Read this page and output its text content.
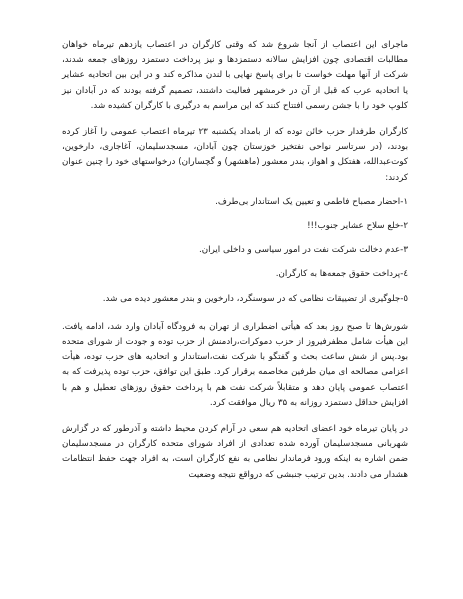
ماجرای این اعتصاب از آنجا شروع شد که وقتی کارگران در اعتصاب یازدهم تیرماه خواهان مطالبات اقتصادی چون افزایش سالانه دستمزدها و نیز پرداخت دستمزد روزهای جمعه شدند، شرکت از آنها مهلت خواست تا برای پاسخ نهایی با لندن مذاکره کند و در این بین اتحادیه عشایر یا اتحادیه عرب که قبل از آن در خرمشهر فعالیت داشتند، تصمیم گرفته بودند که در آبادان نیز کلوپ خود را با جشن رسمی افتتاح کنند که این مراسم به درگیری با کارگران کشیده شد.

کارگران طرفدار حزب خائن توده که از بامداد یکشنبه ۲۳ تیرماه اعتصاب عمومی را آغاز کرده بودند، (در سرتاسر نواحی نفتخیز خوزستان چون آبادان، مسجدسلیمان، آغاجاری، دارخوین، کوت‌عبدالله، هفتکل و اهواز، بندر معشور (ماهشهر) و گچساران) درخواستهای خود را چنین عنوان کردند:

۱-احضار مصباح فاطمی و تعیین یک استاندار بی‌طرف.

۲-خلع سلاح عشایر جنوب!!!

۳-عدم دخالت شرکت نفت در امور سیاسی و داخلی ایران.

٤-پرداخت حقوق جمعه‌ها به کارگران.

٥-جلوگیری از تضییقات نظامی که در سوسنگرد، دارخوین و بندر معشور دیده می شد.

شورش‌ها تا صبح روز بعد که هیأتی اضطراری از تهران به فرودگاه آبادان وارد شد، ادامه یافت. این هیأت شامل مظفرفیروز از حزب دموکرات،رادمنش از حزب توده و جودت از شورای متحده بود.پس از شش ساعت بحث و گفتگو با شرکت نفت،استاندار و اتحادیه های حزب توده، هیأت اعزامی مصالحه ای میان طرفین مخاصمه برقرار کرد. طبق این توافق، حزب توده پذیرفت که به اعتصاب عمومی پایان دهد و متقابلاً شرکت نفت هم با پرداخت حقوق روزهای تعطیل و هم با افزایش حداقل دستمزد روزانه به ۳۵ ریال موافقت کرد.

در پایان تیرماه خود اعضای اتحادیه هم سعی در آرام کردن محیط داشته و آذرطور که در گزارش شهربانی مسجدسلیمان آورده شده تعدادی از افراد شورای متحده کارگران در مسجدسلیمان ضمن اشاره به اینکه ورود فرماندار نظامی به نفع کارگران است، به افراد جهت حفظ انتظامات هشدار می دادند. بدین ترتیب جنبشی که درواقع نتیجه وضعیت
